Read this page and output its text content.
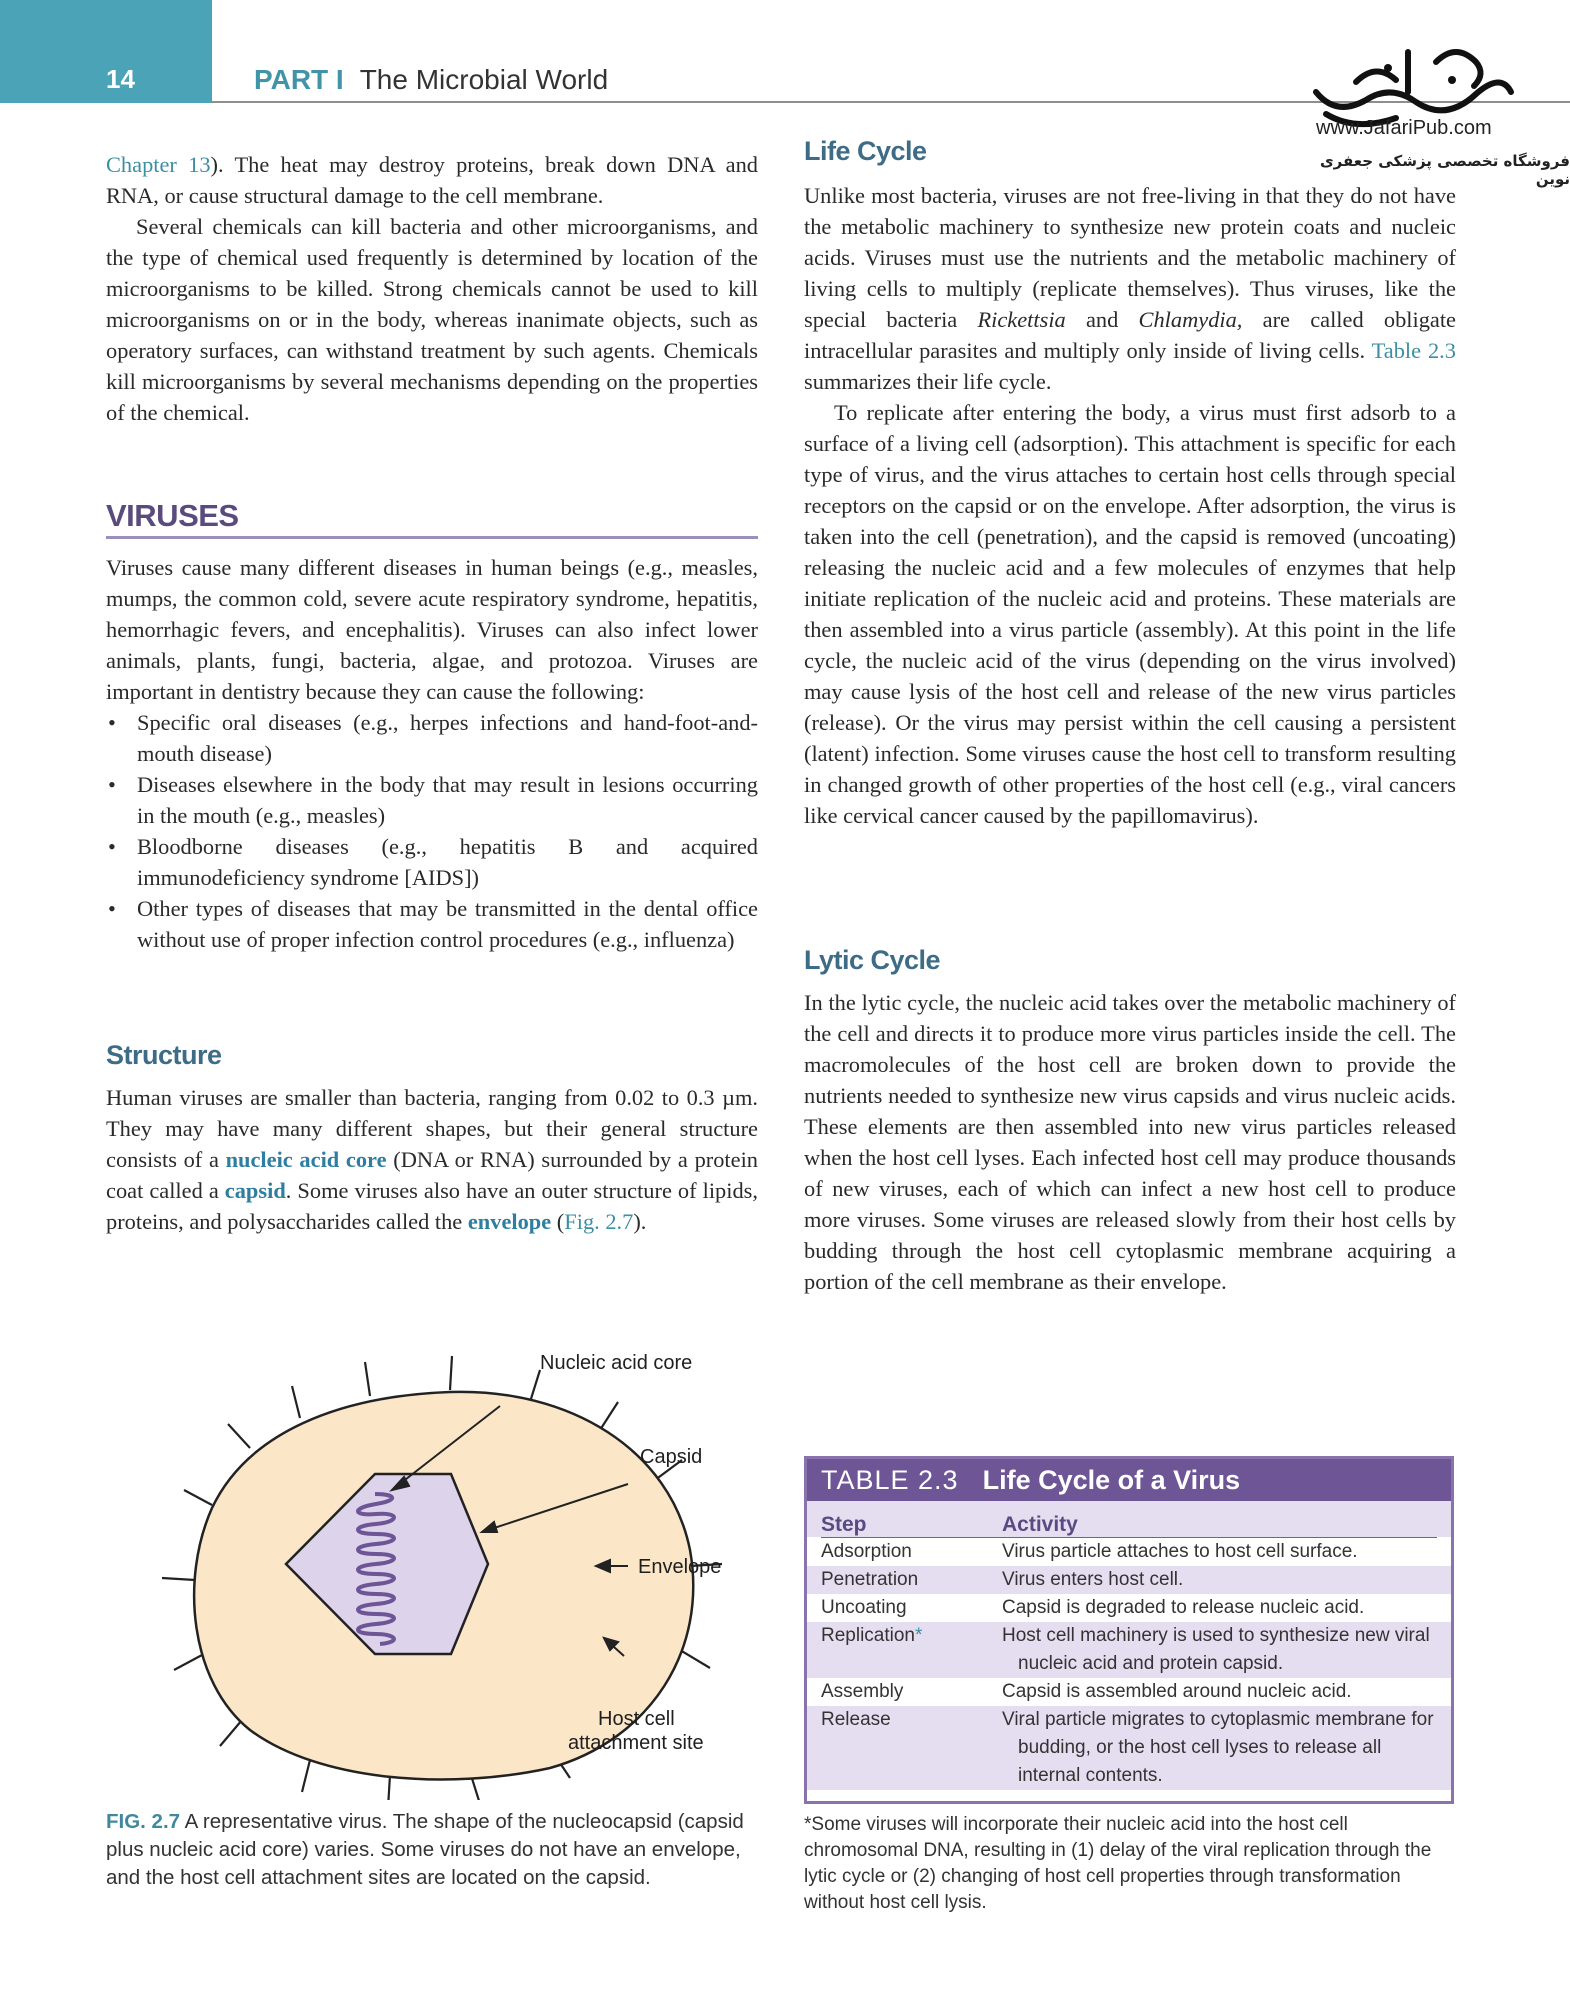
14	PART I The Microbial World
www.JafariPub.com
فروشگاه تخصصی پزشکی جعفری نوین

Chapter 13). The heat may destroy proteins, break down DNA and RNA, or cause structural damage to the cell membrane.

Several chemicals can kill bacteria and other microorganisms, and the type of chemical used frequently is determined by location of the microorganisms to be killed. Strong chemicals cannot be used to kill microorganisms on or in the body, whereas inanimate objects, such as operatory surfaces, can withstand treatment by such agents. Chemicals kill microorganisms by several mechanisms depending on the properties of the chemical.

VIRUSES

Viruses cause many different diseases in human beings (e.g., measles, mumps, the common cold, severe acute respiratory syndrome, hepatitis, hemorrhagic fevers, and encephalitis). Viruses can also infect lower animals, plants, fungi, bacteria, algae, and protozoa. Viruses are important in dentistry because they can cause the following:

• Specific oral diseases (e.g., herpes infections and hand-foot-and-mouth disease)
• Diseases elsewhere in the body that may result in lesions occurring in the mouth (e.g., measles)
• Bloodborne diseases (e.g., hepatitis B and acquired immunodeficiency syndrome [AIDS])
• Other types of diseases that may be transmitted in the dental office without use of proper infection control procedures (e.g., influenza)
Structure

Human viruses are smaller than bacteria, ranging from 0.02 to 0.3 µm. They may have many different shapes, but their general structure consists of a nucleic acid core (DNA or RNA) surrounded by a protein coat called a capsid. Some viruses also have an outer structure of lipids, proteins, and polysaccharides called the envelope (Fig. 2.7).

Nucleic acid core
Capsid
Envelope
Host cell
attachment site
FIG. 2.7 A representative virus. The shape of the nucleocapsid (capsid plus nucleic acid core) varies. Some viruses do not have an envelope, and the host cell attachment sites are located on the capsid.
Life Cycle

Unlike most bacteria, viruses are not free-living in that they do not have the metabolic machinery to synthesize new protein coats and nucleic acids. Viruses must use the nutrients and the metabolic machinery of living cells to multiply (replicate themselves). Thus viruses, like the special bacteria Rickettsia and Chlamydia, are called obligate intracellular parasites and multiply only inside of living cells. Table 2.3 summarizes their life cycle.

To replicate after entering the body, a virus must first adsorb to a surface of a living cell (adsorption). This attachment is specific for each type of virus, and the virus attaches to certain host cells through special receptors on the capsid or on the envelope. After adsorption, the virus is taken into the cell (penetration), and the capsid is removed (uncoating) releasing the nucleic acid and a few molecules of enzymes that help initiate replication of the nucleic acid and proteins. These materials are then assembled into a virus particle (assembly). At this point in the life cycle, the nucleic acid of the virus (depending on the virus involved) may cause lysis of the host cell and release of the new virus particles (release). Or the virus may persist within the cell causing a persistent (latent) infection. Some viruses cause the host cell to transform resulting in changed growth of other properties of the host cell (e.g., viral cancers like cervical cancer caused by the papillomavirus).

Lytic Cycle

In the lytic cycle, the nucleic acid takes over the metabolic machinery of the cell and directs it to produce more virus particles inside the cell. The macromolecules of the host cell are broken down to provide the nutrients needed to synthesize new virus capsids and virus nucleic acids. These elements are then assembled into new virus particles released when the host cell lyses. Each infected host cell may produce thousands of new viruses, each of which can infect a new host cell to produce more viruses. Some viruses are released slowly from their host cells by budding through the host cell cytoplasmic membrane acquiring a portion of the cell membrane as their envelope.

TABLE 2.3 Life Cycle of a Virus
Step	Activity
Adsorption	Virus particle attaches to host cell surface.
Penetration	Virus enters host cell.
Uncoating	Capsid is degraded to release nucleic acid.
Replication*	Host cell machinery is used to synthesize new viral nucleic acid and protein capsid.
Assembly	Capsid is assembled around nucleic acid.
Release	Viral particle migrates to cytoplasmic membrane for budding, or the host cell lyses to release all internal contents.
*Some viruses will incorporate their nucleic acid into the host cell chromosomal DNA, resulting in (1) delay of the viral replication through the lytic cycle or (2) changing of host cell properties through transformation without host cell lysis.
